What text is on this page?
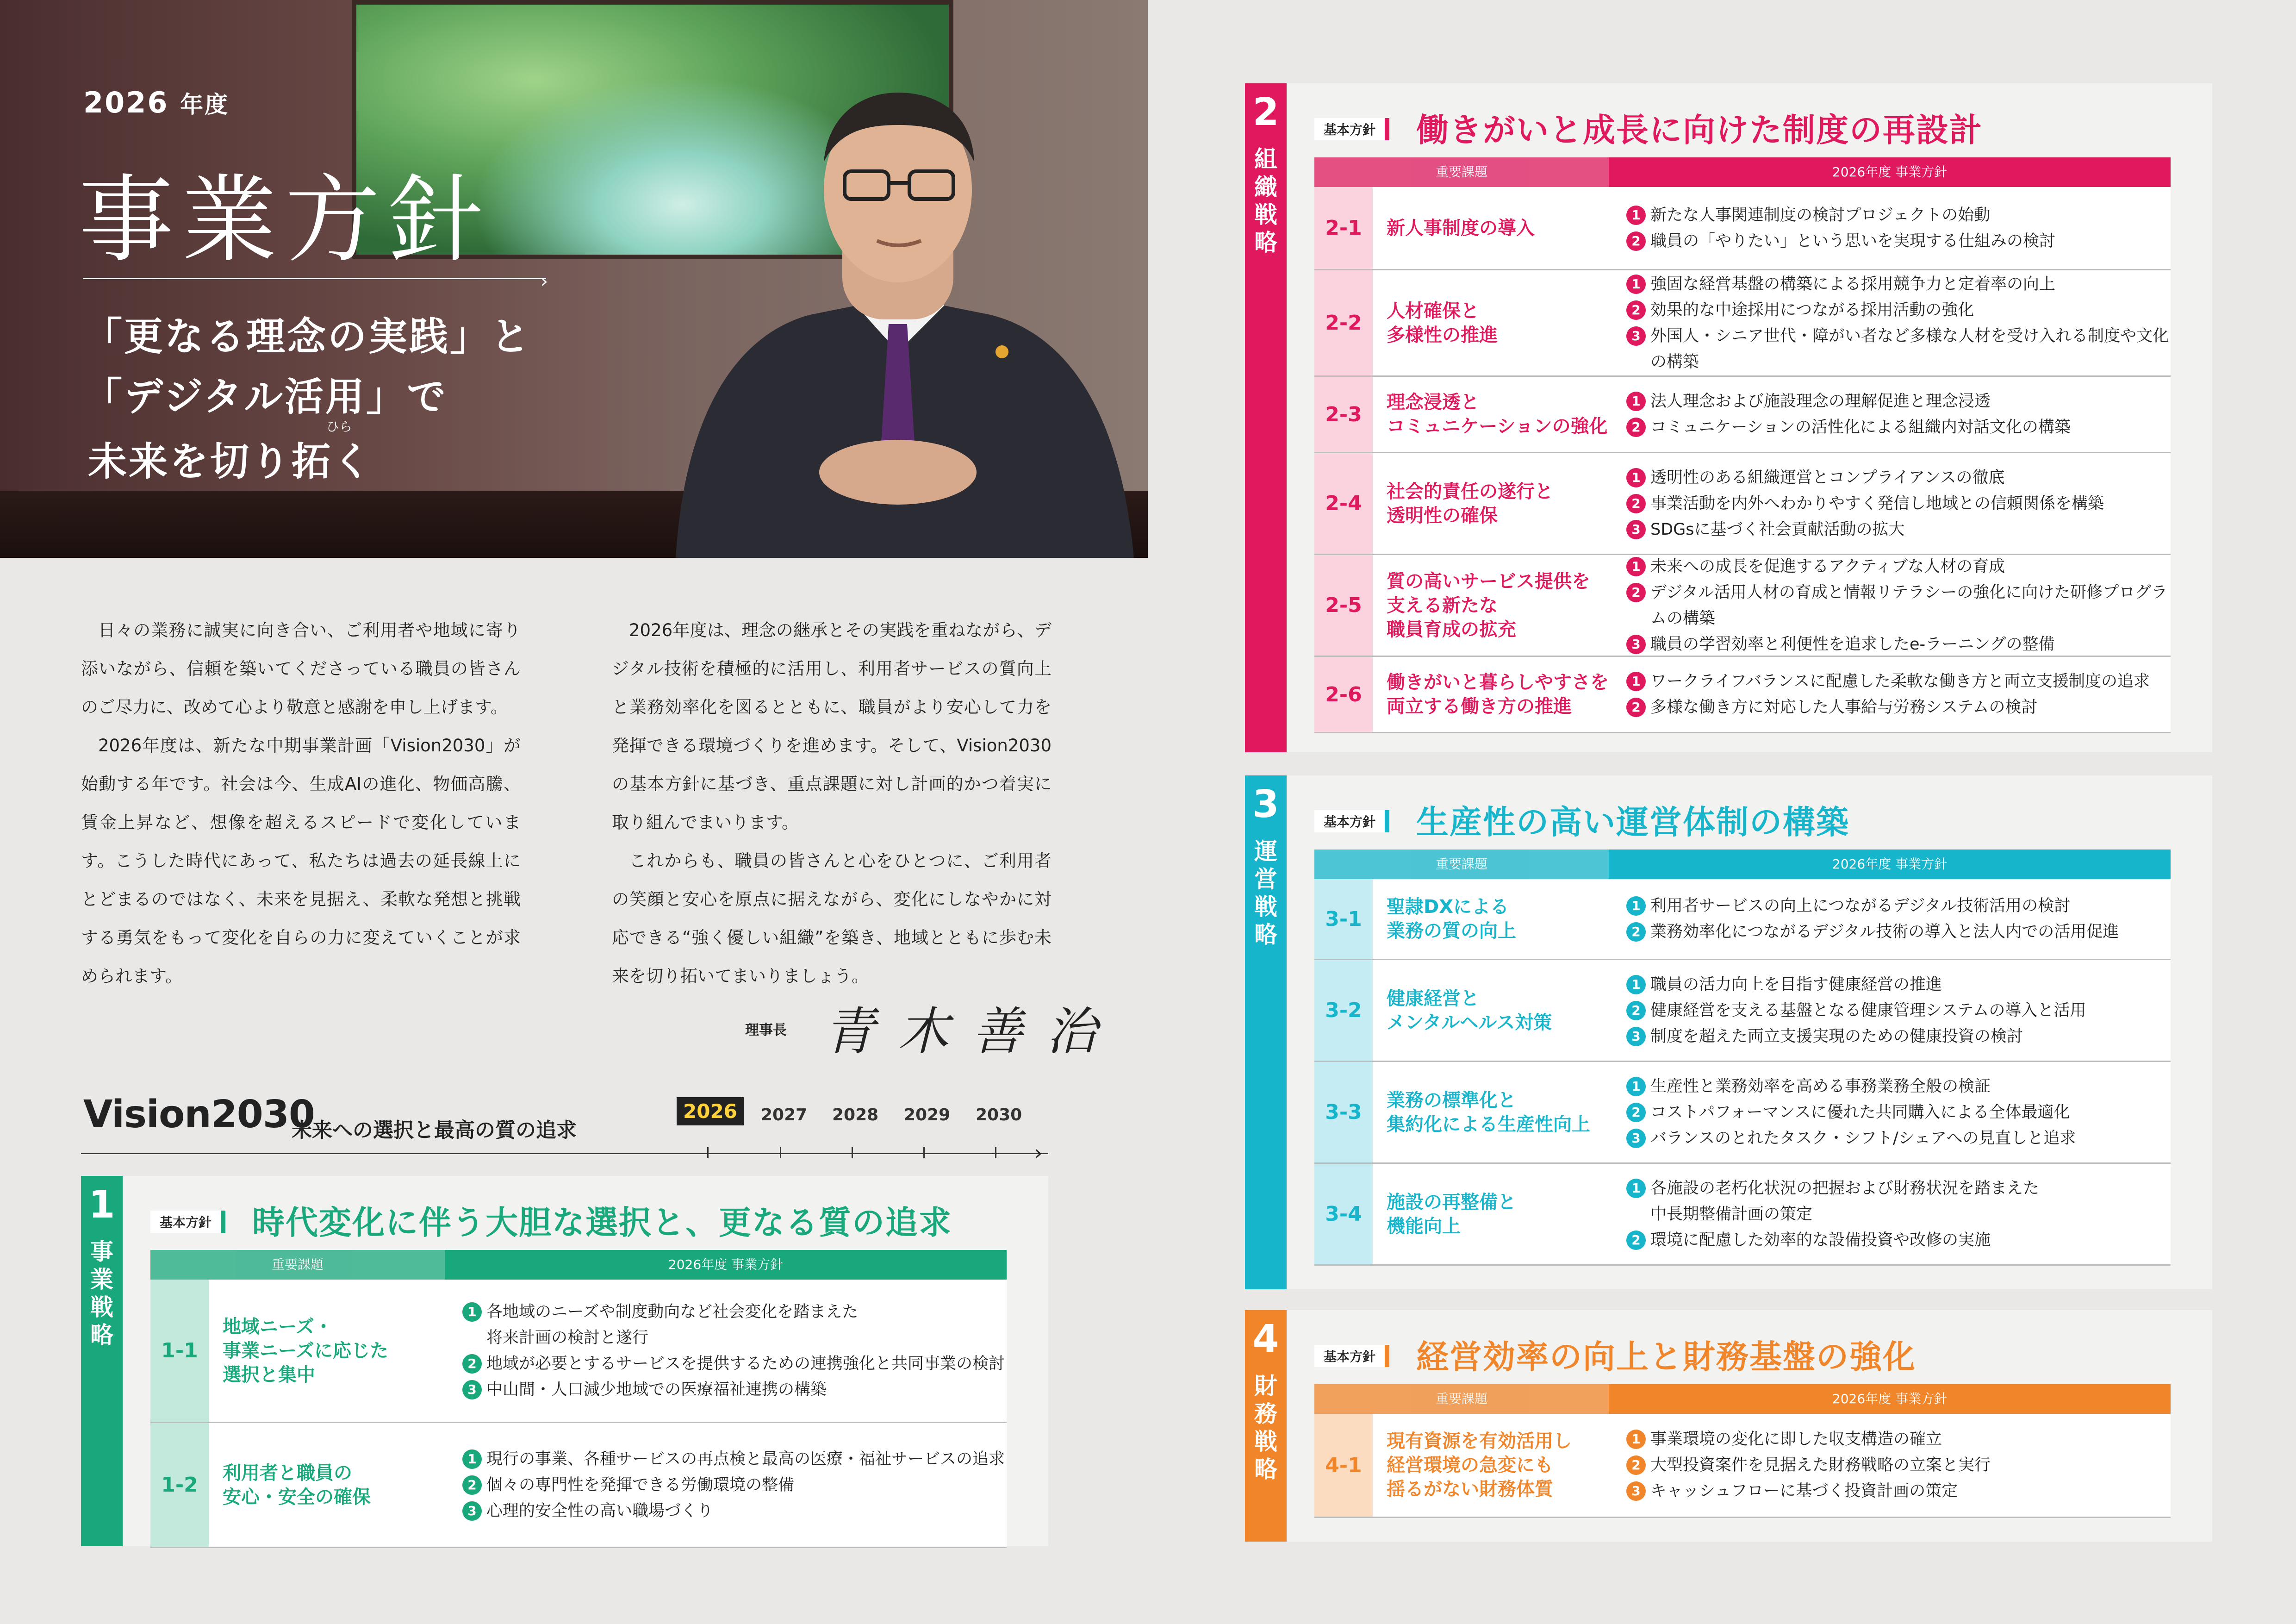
2026 年度
事業方針
›
「更なる理念の実践」と
「デジタル活用」で
ひら
未来を切り拓く

日々の業務に誠実に向き合い、ご利用者や地域に寄り添いながら、信頼を築いてくださっている職員の皆さんのご尽力に、改めて心より敬意と感謝を申し上げます。

2026年度は、新たな中期事業計画「Vision2030」が始動する年です。社会は今、生成AIの進化、物価高騰、賃金上昇など、想像を超えるスピードで変化しています。こうした時代にあって、私たちは過去の延長線上にとどまるのではなく、未来を見据え、柔軟な発想と挑戦する勇気をもって変化を自らの力に変えていくことが求められます。

2026年度は、理念の継承とその実践を重ねながら、デジタル技術を積極的に活用し、利用者サービスの質向上と業務効率化を図るとともに、職員がより安心して力を発揮できる環境づくりを進めます。そして、Vision2030の基本方針に基づき、重点課題に対し計画的かつ着実に取り組んでまいります。

これからも、職員の皆さんと心をひとつに、ご利用者の笑顔と安心を原点に据えながら、変化にしなやかに対応できる“強く優しい組織”を築き、地域とともに歩む未来を切り拓いてまいりましょう。

理事長 青木善治
Vision2030
未来への選択と最高の質の追求
›
2026	2027 2028 2029 2030
1
事業戦略
基本方針	時代変化に伴う大胆な選択と、更なる質の追求
重要課題	2026年度 事業方針
1-1
地域ニーズ・
事業ニーズに応じた
選択と集中
1 各地域のニーズや制度動向など社会変化を踏まえた
将来計画の検討と遂行
2 地域が必要とするサービスを提供するための連携強化と共同事業の検討
3 中山間・人口減少地域での医療福祉連携の構築
1-2
利用者と職員の
安心・安全の確保
1 現行の事業、各種サービスの再点検と最高の医療・福祉サービスの追求
2 個々の専門性を発揮できる労働環境の整備
3 心理的安全性の高い職場づくり
2
組織戦略
基本方針	働きがいと成長に向けた制度の再設計
重要課題	2026年度 事業方針
2-1	新人事制度の導入
1 新たな人事関連制度の検討プロジェクトの始動
2 職員の「やりたい」という思いを実現する仕組みの検討
2-2
人材確保と
多様性の推進
1 強固な経営基盤の構築による採用競争力と定着率の向上
2 効果的な中途採用につながる採用活動の強化
3 外国人・シニア世代・障がい者など多様な人材を受け入れる制度や文化の構築
2-3
理念浸透と
コミュニケーションの強化
1 法人理念および施設理念の理解促進と理念浸透
2 コミュニケーションの活性化による組織内対話文化の構築
2-4
社会的責任の遂行と
透明性の確保
1 透明性のある組織運営とコンプライアンスの徹底
2 事業活動を内外へわかりやすく発信し地域との信頼関係を構築
3 SDGsに基づく社会貢献活動の拡大
2-5
質の高いサービス提供を
支える新たな
職員育成の拡充
1 未来への成長を促進するアクティブな人材の育成
2 デジタル活用人材の育成と情報リテラシーの強化に向けた研修プログラムの構築
3 職員の学習効率と利便性を追求したe-ラーニングの整備
2-6
働きがいと暮らしやすさを
両立する働き方の推進
1 ワークライフバランスに配慮した柔軟な働き方と両立支援制度の追求
2 多様な働き方に対応した人事給与労務システムの検討
3
運営戦略
基本方針	生産性の高い運営体制の構築
重要課題	2026年度 事業方針
3-1
聖隷DXによる
業務の質の向上
1 利用者サービスの向上につながるデジタル技術活用の検討
2 業務効率化につながるデジタル技術の導入と法人内での活用促進
3-2
健康経営と
メンタルヘルス対策
1 職員の活力向上を目指す健康経営の推進
2 健康経営を支える基盤となる健康管理システムの導入と活用
3 制度を超えた両立支援実現のための健康投資の検討
3-3
業務の標準化と
集約化による生産性向上
1 生産性と業務効率を高める事務業務全般の検証
2 コストパフォーマンスに優れた共同購入による全体最適化
3 バランスのとれたタスク・シフト/シェアへの見直しと追求
3-4
施設の再整備と
機能向上
1 各施設の老朽化状況の把握および財務状況を踏まえた
中長期整備計画の策定
2 環境に配慮した効率的な設備投資や改修の実施
4
財務戦略
基本方針	経営効率の向上と財務基盤の強化
重要課題	2026年度 事業方針
4-1
現有資源を有効活用し
経営環境の急変にも
揺るがない財務体質
1 事業環境の変化に即した収支構造の確立
2 大型投資案件を見据えた財務戦略の立案と実行
3 キャッシュフローに基づく投資計画の策定
